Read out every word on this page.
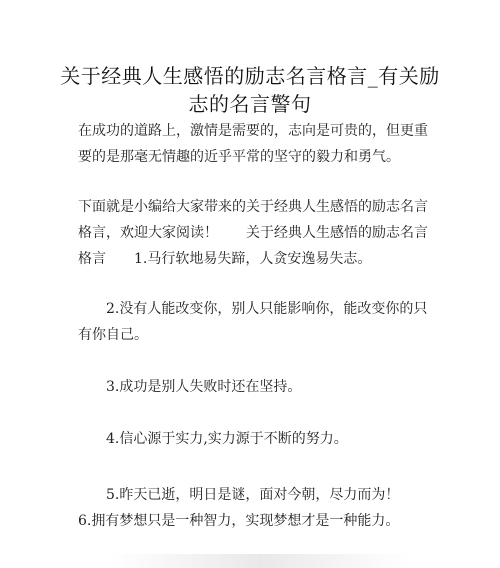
关于经典人生感悟的励志名言格言_有关励志的名言警句

在成功的道路上，激情是需要的，志向是可贵的，但更重要的是那毫无情趣的近乎平常的坚守的毅力和勇气。

下面就是小编给大家带来的关于经典人生感悟的励志名言格言，欢迎大家阅读！　　关于经典人生感悟的励志名言格言　　1.马行软地易失蹄，人贪安逸易失志。

　　2.没有人能改变你，别人只能影响你，能改变你的只有你自己。

　　3.成功是别人失败时还在坚持。

　　4.信心源于实力,实力源于不断的努力。

　　5.昨天已逝，明日是谜，面对今朝，尽力而为！　　6.拥有梦想只是一种智力，实现梦想才是一种能力。
